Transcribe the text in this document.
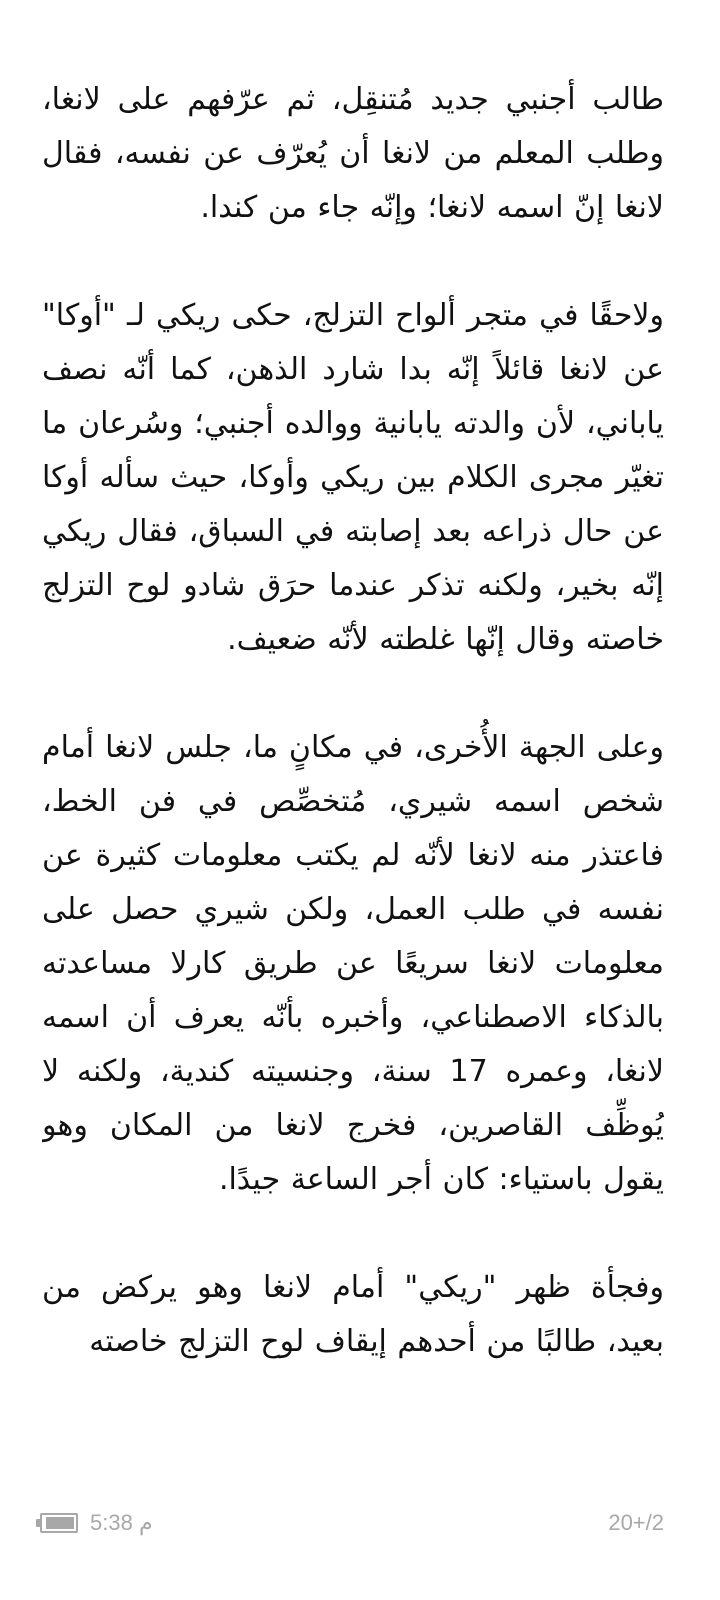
طالب أجنبي جديد مُتنقِل، ثم عرّفهم على لانغا، وطلب المعلم من لانغا أن يُعرّف عن نفسه، فقال لانغا إنّ اسمه لانغا؛ وإنّه جاء من كندا.

ولاحقًا في متجر ألواح التزلج، حكى ريكي لـ "أوكا" عن لانغا قائلاً إنّه بدا شارد الذهن، كما أنّه نصف ياباني، لأن والدته يابانية ووالده أجنبي؛ وسُرعان ما تغيّر مجرى الكلام بين ريكي وأوكا، حيث سأله أوكا عن حال ذراعه بعد إصابته في السباق، فقال ريكي إنّه بخير، ولكنه تذكر عندما حرَق شادو لوح التزلج خاصته وقال إنّها غلطته لأنّه ضعيف.

وعلى الجهة الأُخرى، في مكانٍ ما، جلس لانغا أمام شخص اسمه شيري، مُتخصِّص في فن الخط، فاعتذر منه لانغا لأنّه لم يكتب معلومات كثيرة عن نفسه في طلب العمل، ولكن شيري حصل على معلومات لانغا سريعًا عن طريق كارلا مساعدته بالذكاء الاصطناعي، وأخبره بأنّه يعرف أن اسمه لانغا، وعمره 17 سنة، وجنسيته كندية، ولكنه لا يُوظِّف القاصرين، فخرج لانغا من المكان وهو يقول باستياء: كان أجر الساعة جيدًا.

وفجأة ظهر "ريكي" أمام لانغا وهو يركض من بعيد، طالبًا من أحدهم إيقاف لوح التزلج خاصته

5:38 م	20+/2
